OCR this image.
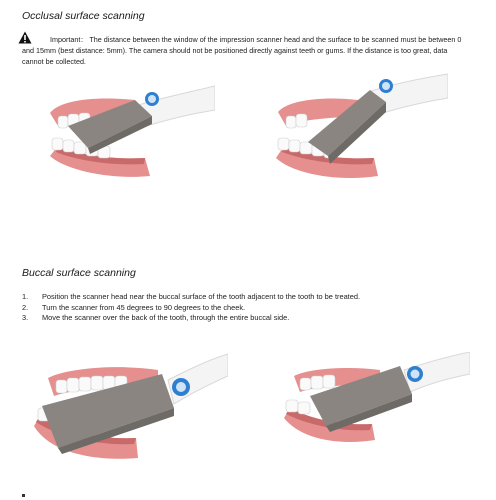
Occlusal surface scanning
Important： The distance between the window of the impression scanner head and the surface to be scanned must be between 0 and 15mm (best distance: 5mm). The camera should not be positioned directly against teeth or gums. If the distance is too great, data cannot be collected.
Buccal surface scanning
1.	Position the scanner head near the buccal surface of the tooth adjacent to the tooth to be treated.
2.	Turn the scanner from 45 degrees to 90 degrees to the cheek.
3.	Move the scanner over the back of the tooth, through the entire buccal side.
